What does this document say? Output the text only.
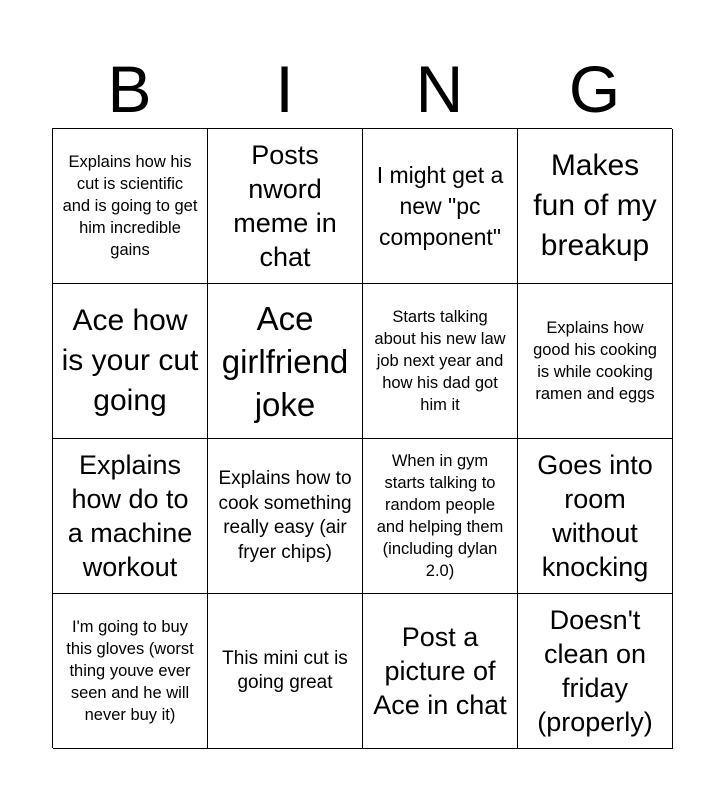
B	I	N	G
Explains how his cut is scientific and is going to get him incredible gains
Posts nword meme in chat
I might get a new "pc component"
Makes fun of my breakup
Ace how is your cut going
Ace girlfriend joke
Starts talking about his new law job next year and how his dad got him it
Explains how good his cooking is while cooking ramen and eggs
Explains how do to a machine workout
Explains how to cook something really easy (air fryer chips)
When in gym starts talking to random people and helping them (including dylan 2.0)
Goes into room without knocking
I'm going to buy this gloves (worst thing youve ever seen and he will never buy it)
This mini cut is going great
Post a picture of Ace in chat
Doesn't clean on friday (properly)
